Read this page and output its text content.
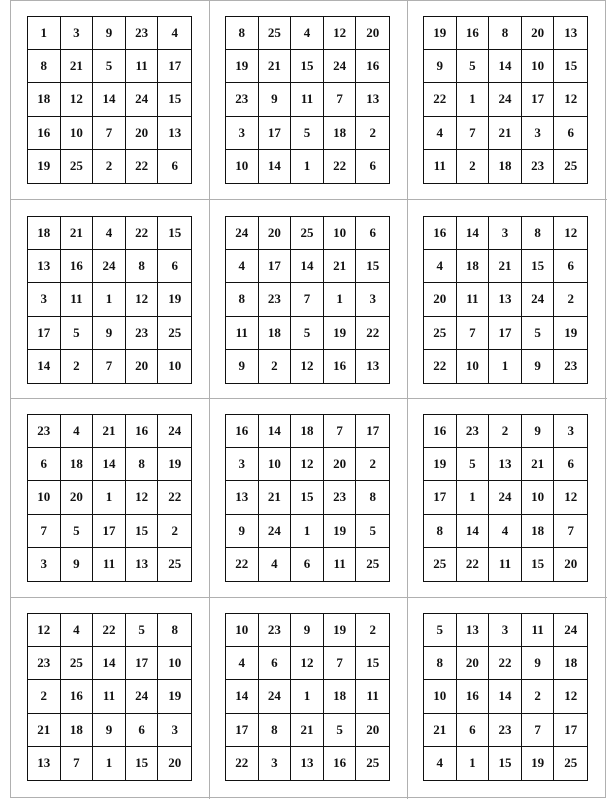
1	3	9	23	4
8	21	5	11	17
18	12	14	24	15
16	10	7	20	13
19	25	2	22	6
8	25	4	12	20
19	21	15	24	16
23	9	11	7	13
3	17	5	18	2
10	14	1	22	6
19	16	8	20	13
9	5	14	10	15
22	1	24	17	12
4	7	21	3	6
11	2	18	23	25
18	21	4	22	15
13	16	24	8	6
3	11	1	12	19
17	5	9	23	25
14	2	7	20	10
24	20	25	10	6
4	17	14	21	15
8	23	7	1	3
11	18	5	19	22
9	2	12	16	13
16	14	3	8	12
4	18	21	15	6
20	11	13	24	2
25	7	17	5	19
22	10	1	9	23
23	4	21	16	24
6	18	14	8	19
10	20	1	12	22
7	5	17	15	2
3	9	11	13	25
16	14	18	7	17
3	10	12	20	2
13	21	15	23	8
9	24	1	19	5
22	4	6	11	25
16	23	2	9	3
19	5	13	21	6
17	1	24	10	12
8	14	4	18	7
25	22	11	15	20
12	4	22	5	8
23	25	14	17	10
2	16	11	24	19
21	18	9	6	3
13	7	1	15	20
10	23	9	19	2
4	6	12	7	15
14	24	1	18	11
17	8	21	5	20
22	3	13	16	25
5	13	3	11	24
8	20	22	9	18
10	16	14	2	12
21	6	23	7	17
4	1	15	19	25
